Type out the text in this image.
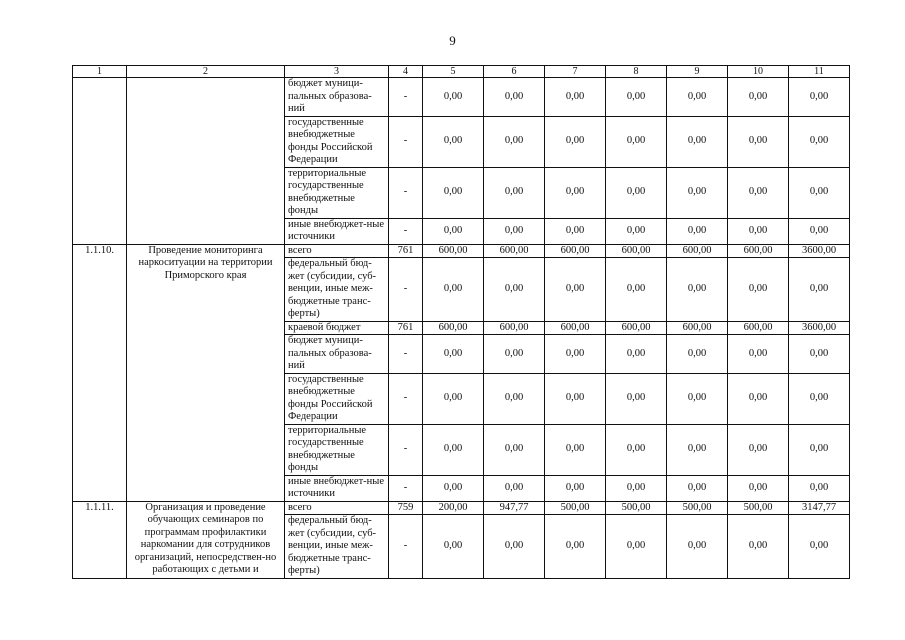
9
1	2	3	4	5	6	7	8	9	10	11
		бюджет муници-пальных образова-ний	-	0,00	0,00	0,00	0,00	0,00	0,00	0,00
		государственные внебюджетные фонды Российской Федерации	-	0,00	0,00	0,00	0,00	0,00	0,00	0,00
		территориальные государственные внебюджетные фонды	-	0,00	0,00	0,00	0,00	0,00	0,00	0,00
		иные внебюджет-ные источники	-	0,00	0,00	0,00	0,00	0,00	0,00	0,00
1.1.10.	Проведение мониторинга наркоситуации на территории Приморского края	всего	761	600,00	600,00	600,00	600,00	600,00	600,00	3600,00
		федеральный бюд-жет (субсидии, суб-венции, иные меж-бюджетные транс-ферты)	-	0,00	0,00	0,00	0,00	0,00	0,00	0,00
		краевой бюджет	761	600,00	600,00	600,00	600,00	600,00	600,00	3600,00
		бюджет муници-пальных образова-ний	-	0,00	0,00	0,00	0,00	0,00	0,00	0,00
		государственные внебюджетные фонды Российской Федерации	-	0,00	0,00	0,00	0,00	0,00	0,00	0,00
		территориальные государственные внебюджетные фонды	-	0,00	0,00	0,00	0,00	0,00	0,00	0,00
		иные внебюджет-ные источники	-	0,00	0,00	0,00	0,00	0,00	0,00	0,00
1.1.11.	Организация и проведение обучающих семинаров по программам профилактики наркомании для сотрудников организаций, непосредствен-но работающих с детьми и	всего	759	200,00	947,77	500,00	500,00	500,00	500,00	3147,77
		федеральный бюд-жет (субсидии, суб-венции, иные меж-бюджетные транс-ферты)	-	0,00	0,00	0,00	0,00	0,00	0,00	0,00
